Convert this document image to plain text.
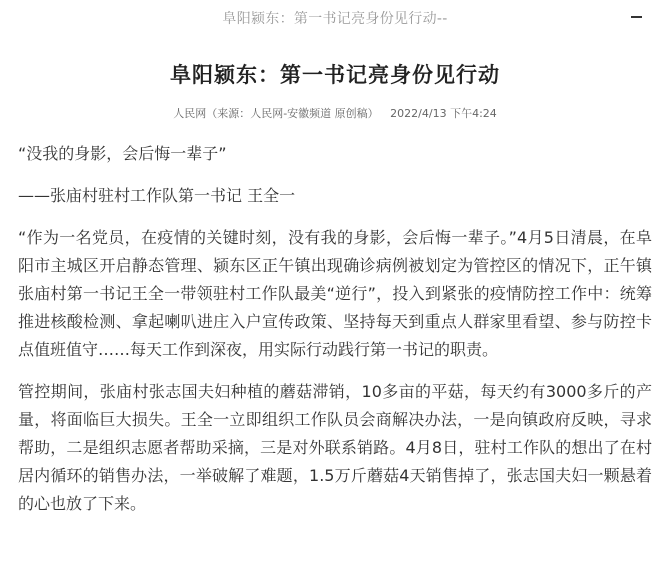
阜阳颍东：第一书记亮身份见行动--
阜阳颍东：第一书记亮身份见行动
人民网（来源：人民网-安徽频道 原创稿） 2022/4/13 下午4:24

“没我的身影，会后悔一辈子”

——张庙村驻村工作队第一书记 王全一

“作为一名党员，在疫情的关键时刻，没有我的身影，会后悔一辈子。”4月5日清晨，在阜阳市主城区开启静态管理、颍东区正午镇出现确诊病例被划定为管控区的情况下，正午镇张庙村第一书记王全一带领驻村工作队最美“逆行”，投入到紧张的疫情防控工作中：统筹推进核酸检测、拿起喇叭进庄入户宣传政策、坚持每天到重点人群家里看望、参与防控卡点值班值守……每天工作到深夜，用实际行动践行第一书记的职责。

管控期间，张庙村张志国夫妇种植的蘑菇滞销，10多亩的平菇，每天约有3000多斤的产量，将面临巨大损失。王全一立即组织工作队员会商解决办法，一是向镇政府反映，寻求帮助，二是组织志愿者帮助采摘，三是对外联系销路。4月8日，驻村工作队的想出了在村居内循环的销售办法，一举破解了难题，1.5万斤蘑菇4天销售掉了，张志国夫妇一颗悬着的心也放了下来。
